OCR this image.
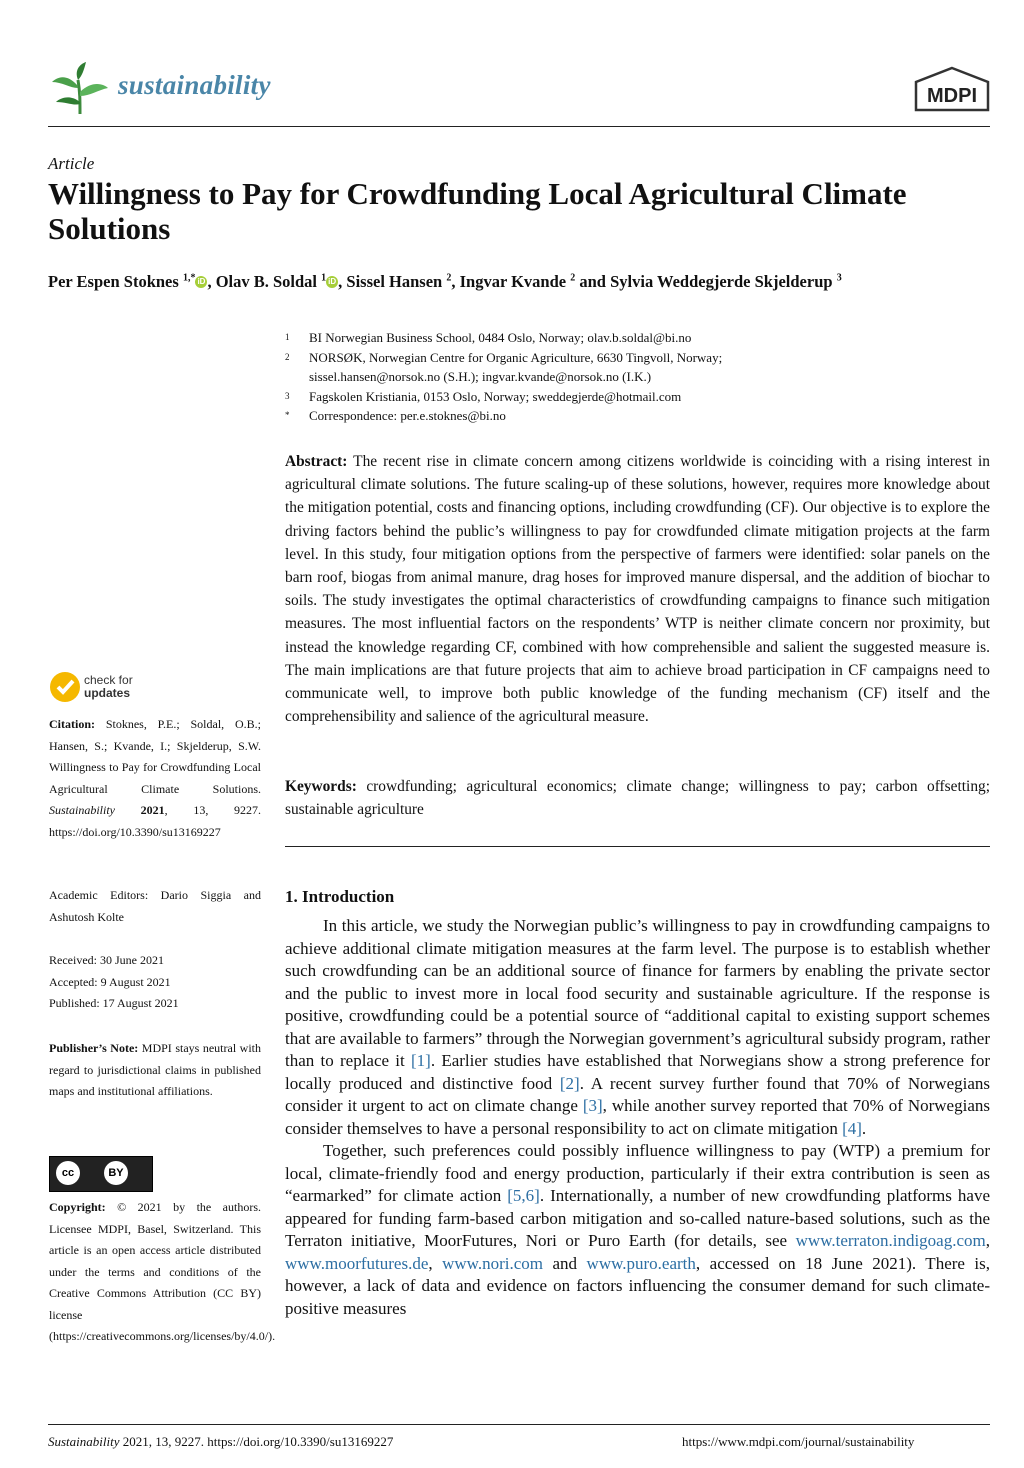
sustainability	MDPI
Article
Willingness to Pay for Crowdfunding Local Agricultural Climate Solutions
Per Espen Stoknes $^{1,*}$ iD , Olav B. Soldal $^1$ iD , Sissel Hansen $^2$, Ingvar Kvande $^2$ and Sylvia Weddegjerde Skjelderup $^3$
1	BI Norwegian Business School, 0484 Oslo, Norway; olav.b.soldal@bi.no
2	NORSØK, Norwegian Centre for Organic Agriculture, 6630 Tingvoll, Norway;
sissel.hansen@norsok.no (S.H.); ingvar.kvande@norsok.no (I.K.)
3	Fagskolen Kristiania, 0153 Oslo, Norway; sweddegjerde@hotmail.com
*	Correspondence: per.e.stoknes@bi.no
Abstract: The recent rise in climate concern among citizens worldwide is coinciding with a rising interest in agricultural climate solutions. The future scaling-up of these solutions, however, requires more knowledge about the mitigation potential, costs and financing options, including crowdfunding (CF). Our objective is to explore the driving factors behind the public’s willingness to pay for crowdfunded climate mitigation projects at the farm level. In this study, four mitigation options from the perspective of farmers were identified: solar panels on the barn roof, biogas from animal manure, drag hoses for improved manure dispersal, and the addition of biochar to soils. The study investigates the optimal characteristics of crowdfunding campaigns to finance such mitigation measures. The most influential factors on the respondents’ WTP is neither climate concern nor proximity, but instead the knowledge regarding CF, combined with how comprehensible and salient the suggested measure is. The main implications are that future projects that aim to achieve broad participation in CF campaigns need to communicate well, to improve both public knowledge of the funding mechanism (CF) itself and the comprehensibility and salience of the agricultural measure.
Keywords: crowdfunding; agricultural economics; climate change; willingness to pay; carbon offsetting; sustainable agriculture
1. Introduction

In this article, we study the Norwegian public’s willingness to pay in crowdfunding campaigns to achieve additional climate mitigation measures at the farm level. The purpose is to establish whether such crowdfunding can be an additional source of finance for farmers by enabling the private sector and the public to invest more in local food security and sustainable agriculture. If the response is positive, crowdfunding could be a potential source of “additional capital to existing support schemes that are available to farmers” through the Norwegian government’s agricultural subsidy program, rather than to replace it [1]. Earlier studies have established that Norwegians show a strong preference for locally produced and distinctive food [2]. A recent survey further found that 70% of Norwegians consider it urgent to act on climate change [3], while another survey reported that 70% of Norwegians consider themselves to have a personal responsibility to act on climate mitigation [4].

Together, such preferences could possibly influence willingness to pay (WTP) a premium for local, climate-friendly food and energy production, particularly if their extra contribution is seen as “earmarked” for climate action [5,6]. Internationally, a number of new crowdfunding platforms have appeared for funding farm-based carbon mitigation and so-called nature-based solutions, such as the Terraton initiative, MoorFutures, Nori or Puro Earth (for details, see www.terraton.indigoag.com, www.moorfutures.de, www.nori.com and www.puro.earth, accessed on 18 June 2021). There is, however, a lack of data and evidence on factors influencing the consumer demand for such climate-positive measures

check for
updates
Citation: Stoknes, P.E.; Soldal, O.B.; Hansen, S.; Kvande, I.; Skjelderup, S.W. Willingness to Pay for Crowdfunding Local Agricultural Climate Solutions. Sustainability 2021, 13, 9227. https://doi.org/10.3390/su13169227
Academic Editors: Dario Siggia and Ashutosh Kolte
Received: 30 June 2021
Accepted: 9 August 2021
Published: 17 August 2021
Publisher’s Note: MDPI stays neutral with regard to jurisdictional claims in published maps and institutional affiliations.
cc	BY
Copyright: © 2021 by the authors. Licensee MDPI, Basel, Switzerland. This article is an open access article distributed under the terms and conditions of the Creative Commons Attribution (CC BY) license (https://creativecommons.org/licenses/by/4.0/).
Sustainability 2021, 13, 9227. https://doi.org/10.3390/su13169227	https://www.mdpi.com/journal/sustainability
